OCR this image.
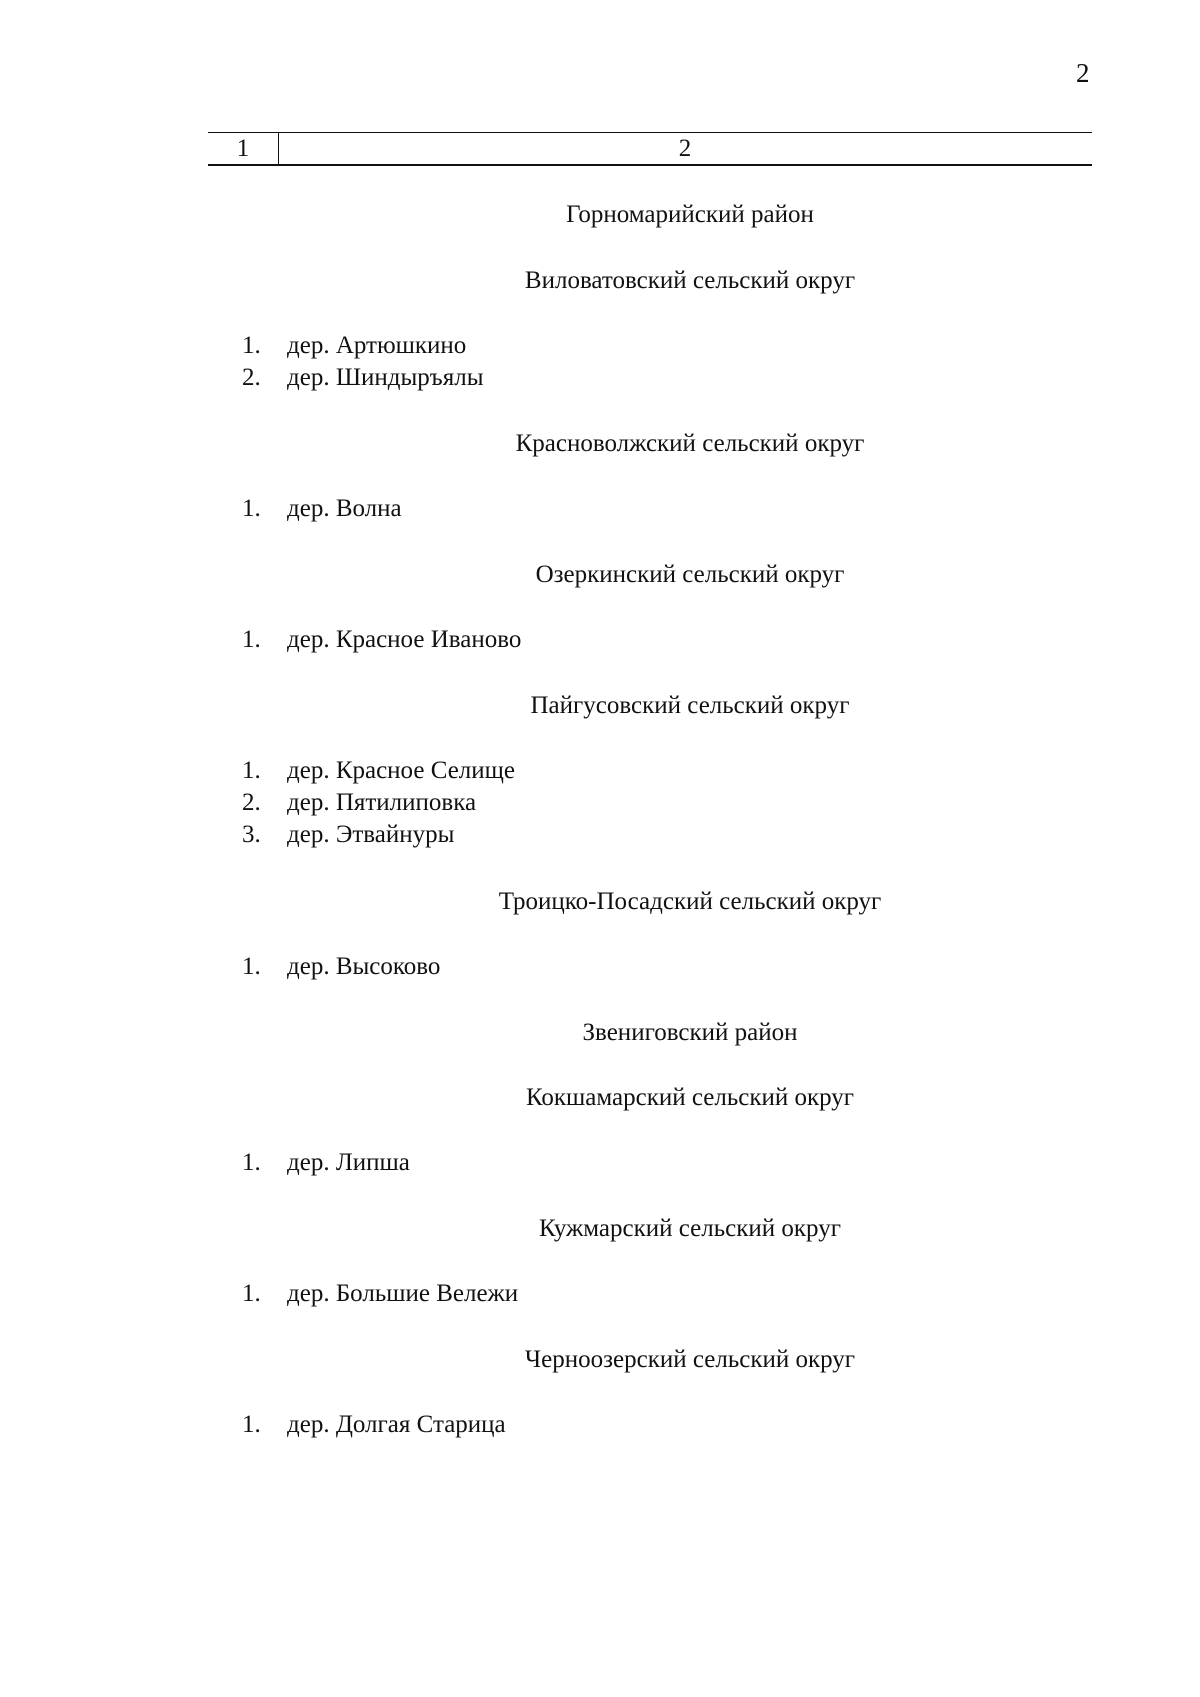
2
1	2
Горномарийский район
Виловатовский сельский округ
1. дер. Артюшкино
2. дер. Шиндыръялы
Красноволжский сельский округ
1. дер. Волна
Озеркинский сельский округ
1. дер. Красное Иваново
Пайгусовский сельский округ
1. дер. Красное Селище
2. дер. Пятилиповка
3. дер. Этвайнуры
Троицко-Посадский сельский округ
1. дер. Высоково
Звениговский район
Кокшамарский сельский округ
1. дер. Липша
Кужмарский сельский округ
1. дер. Большие Вележи
Черноозерский сельский округ
1. дер. Долгая Старица
